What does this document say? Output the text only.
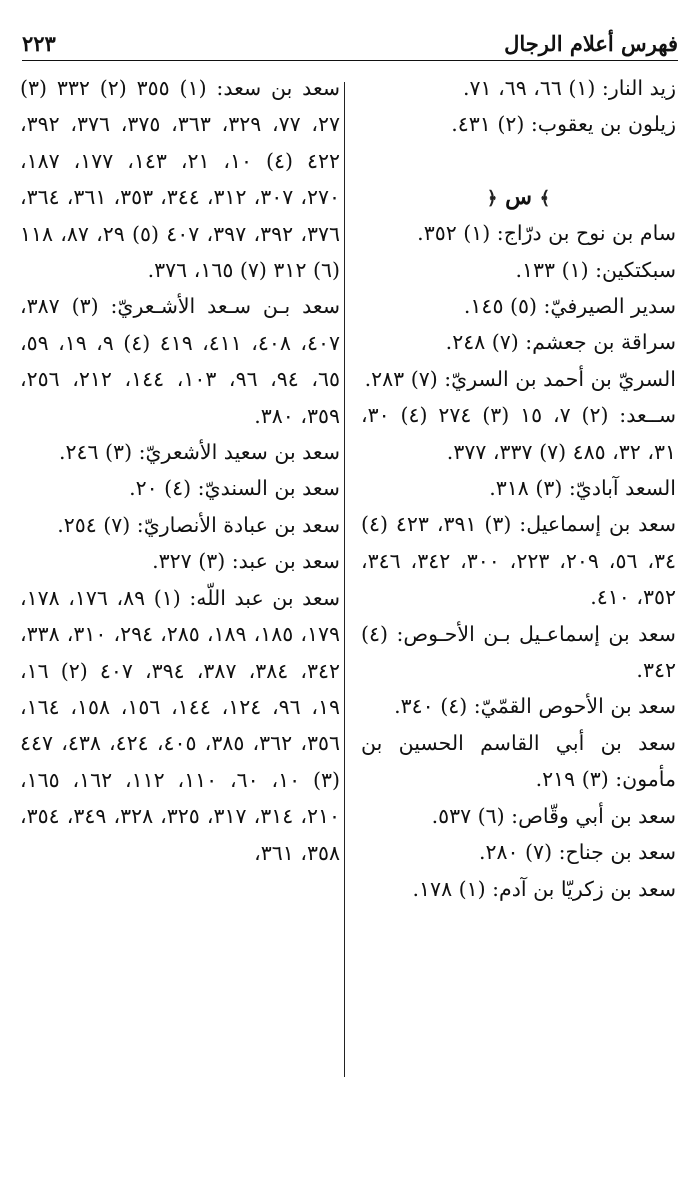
فهرس أعلام الرجال
٢٢٣

زيد النار: (١) ٦٦، ٦٩، ٧١.

زيلون بن يعقوب: (٢) ٤٣١.

﴾ س ﴿

سام بن نوح بن درّاج: (١) ٣٥٢.

سبكتكين: (١) ١٣٣.

سدير الصيرفيّ: (٥) ١٤٥.

سراقة بن جعشم: (٧) ٢٤٨.

السريّ بن أحمد بن السريّ: (٧) ٢٨٣.

ســعد: (٢) ٧، ١٥ (٣) ٢٧٤ (٤) ٣٠، ٣١، ٣٢، ٤٨٥ (٧) ٣٣٧، ٣٧٧.

السعد آباديّ: (٣) ٣١٨.

سعد بن إسماعيل: (٣) ٣٩١، ٤٢٣ (٤) ٣٤، ٥٦، ٢٠٩، ٢٢٣، ٣٠٠، ٣٤٢، ٣٤٦، ٣٥٢، ٤١٠.

سعد بن إسماعـيل بـن الأحـوص: (٤) ٣٤٢.

سعد بن الأحوص القمّيّ: (٤) ٣٤٠.

سعد بن أبي القاسم الحسين بن مأمون: (٣) ٢١٩.

سعد بن أبي وقّاص: (٦) ٥٣٧.

سعد بن جناح: (٧) ٢٨٠.

سعد بن زكريّا بن آدم: (١) ١٧٨.

سعد بن سعد: (١) ٣٥٥ (٢) ٣٣٢ (٣) ٢٧، ٧٧، ٣٢٩، ٣٦٣، ٣٧٥، ٣٧٦، ٣٩٢، ٤٢٢ (٤) ١٠، ٢١، ١٤٣، ١٧٧، ١٨٧، ٢٧٠، ٣٠٧، ٣١٢، ٣٤٤، ٣٥٣، ٣٦١، ٣٦٤، ٣٧٦، ٣٩٢، ٣٩٧، ٤٠٧ (٥) ٢٩، ٨٧، ١١٨ (٦) ٣١٢ (٧) ١٦٥، ٣٧٦.

سعد بـن سـعد الأشـعريّ: (٣) ٣٨٧، ٤٠٧، ٤٠٨، ٤١١، ٤١٩ (٤) ٩، ١٩، ٥٩، ٦٥، ٩٤، ٩٦، ١٠٣، ١٤٤، ٢١٢، ٢٥٦، ٣٥٩، ٣٨٠.

سعد بن سعيد الأشعريّ: (٣) ٢٤٦.

سعد بن السنديّ: (٤) ٢٠.

سعد بن عبادة الأنصاريّ: (٧) ٢٥٤.

سعد بن عبد: (٣) ٣٢٧.

سعد بن عبد اللّه: (١) ٨٩، ١٧٦، ١٧٨، ١٧٩، ١٨٥، ١٨٩، ٢٨٥، ٢٩٤، ٣١٠، ٣٣٨، ٣٤٢، ٣٨٤، ٣٨٧، ٣٩٤، ٤٠٧ (٢) ١٦، ١٩، ٩٦، ١٢٤، ١٤٤، ١٥٦، ١٥٨، ١٦٤، ٣٥٦، ٣٦٢، ٣٨٥، ٤٠٥، ٤٢٤، ٤٣٨، ٤٤٧ (٣) ١٠، ٦٠، ١١٠، ١١٢، ١٦٢، ١٦٥، ٢١٠، ٣١٤، ٣١٧، ٣٢٥، ٣٢٨، ٣٤٩، ٣٥٤، ٣٥٨، ٣٦١،
